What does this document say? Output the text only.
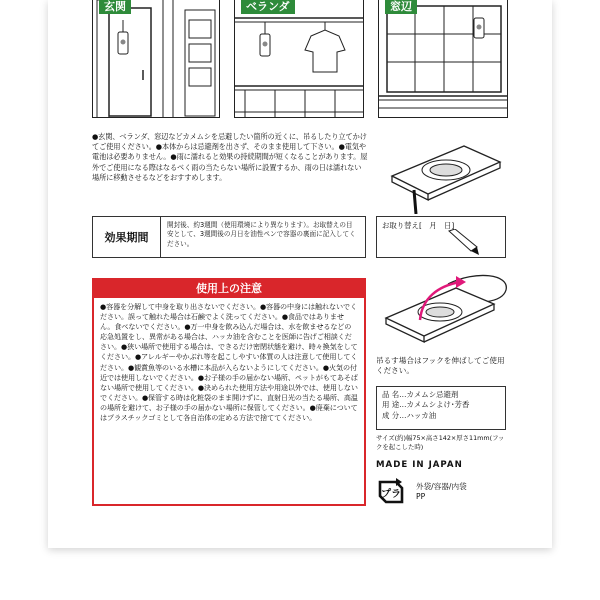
玄関	ベランダ	窓辺
●玄関、ベランダ、窓辺などカメムシを忌避したい箇所の近くに、吊るしたり立てかけてご使用ください。●本体からは忌避剤を出さず、そのまま使用して下さい。●電気や電池は必要ありません。●雨に濡れると効果の持続期間が短くなることがあります。屋外でご使用になる際はなるべく雨の当たらない場所に設置するか、雨の日は濡れない場所に移動させるなどをおすすめします。
効果期間
開封後、約3週間（使用環境により異なります）。お取替えの目安として、3週間後の月日を油性ペンで容器の裏面に記入してください。
お取り替え[　月　日]
使用上の注意
●容器を分解して中身を取り出さないでください。●容器の中身には触れないでください。誤って触れた場合は石鹸でよく洗ってください。●食品ではありません。食べないでください。●万一中身を飲み込んだ場合は、水を飲ませるなどの応急処置をし、異常がある場合は、ハッカ油を含むことを医師に告げご相談ください。●狭い場所で使用する場合は、できるだけ密閉状態を避け、時々換気をしてください。●アレルギーやかぶれ等を起こしやすい体質の人は注意して使用してください。●観賞魚等のいる水槽に本品が入らないようにしてください。●火気の付近では使用しないでください。●お子様の手の届かない場所、ペットがもてあそばない場所で使用してください。●決められた使用方法や用途以外では、使用しないでください。●保管する時は化粧袋のまま開けずに、直射日光の当たる場所、高温の場所を避けて、お子様の手の届かない場所に保管してください。●廃棄についてはプラスチックゴミとして各自治体の定める方法で捨ててください。
吊るす場合はフックを伸ばしてご使用ください。
品 名…カメムシ忌避剤
用 途…カメムシよけ･芳香
成 分…ハッカ油
サイズ(約)幅75×高さ142×厚さ11mm(フックを起こした時)
MADE IN JAPAN
プラ
外袋/容器/内袋
PP
